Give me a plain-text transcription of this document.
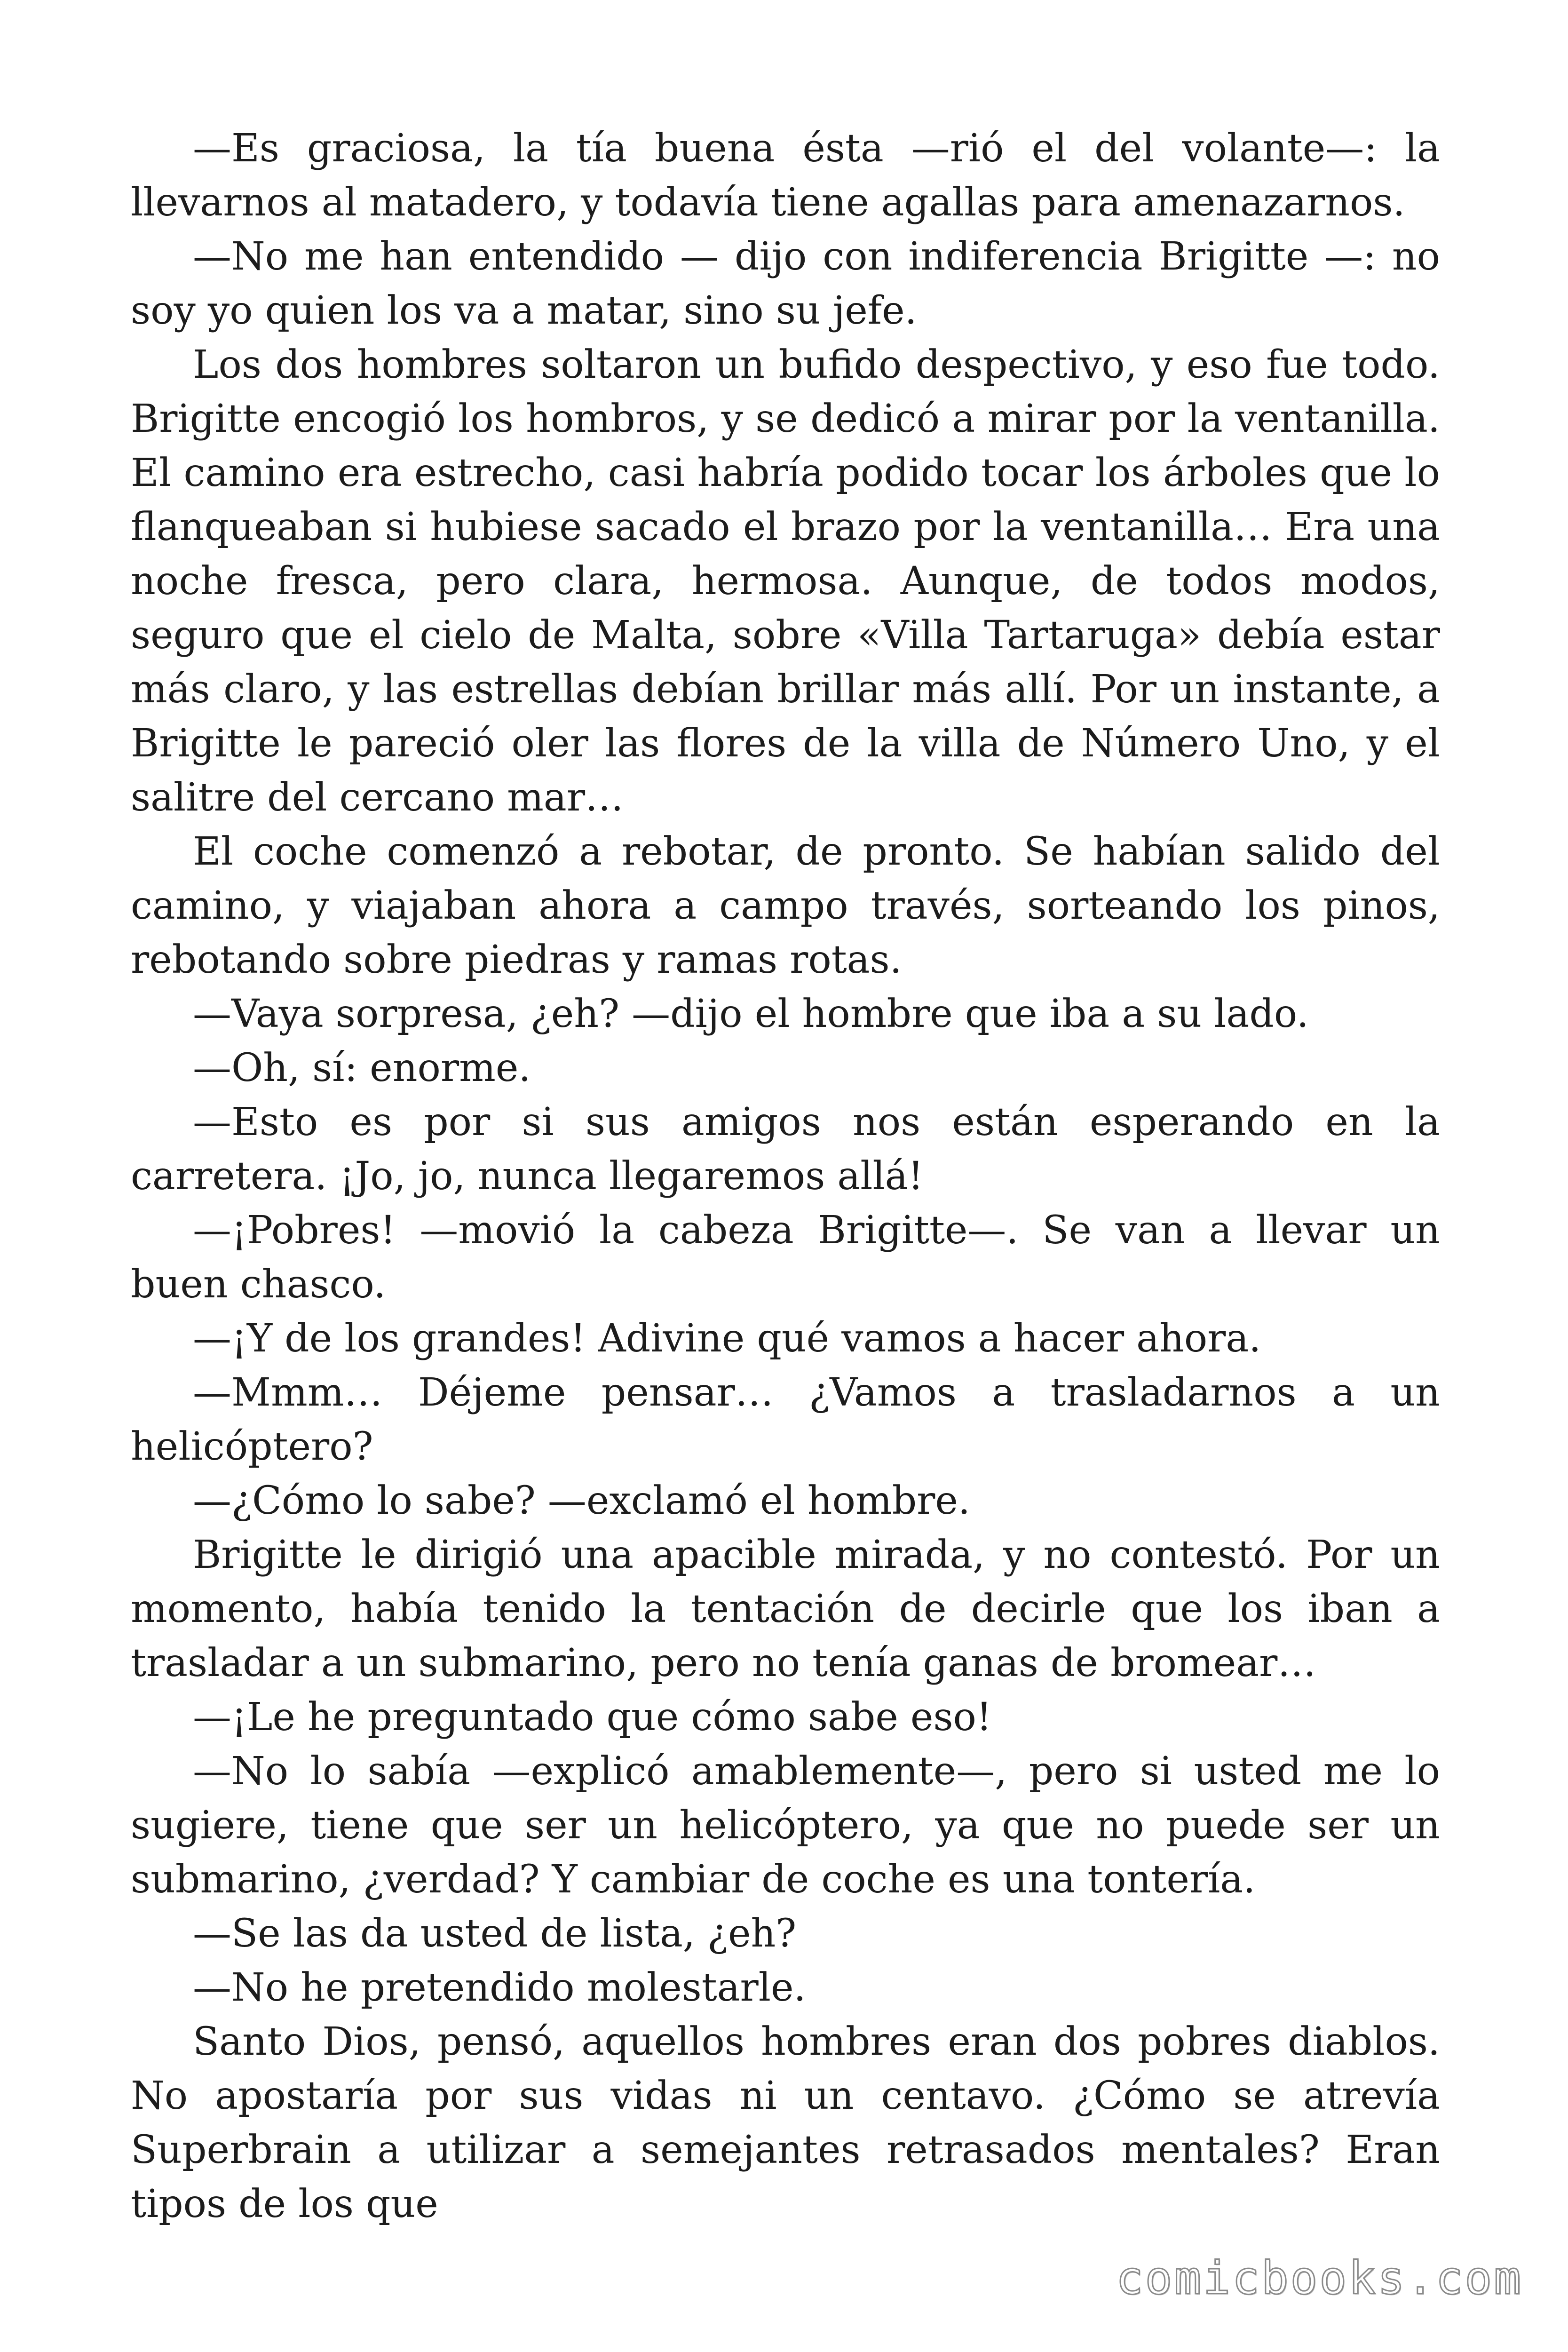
—Es graciosa, la tía buena ésta —rió el del volante—: la llevarnos al matadero, y todavía tiene agallas para amenazarnos.

—No me han entendido — dijo con indiferencia Brigitte —: no soy yo quien los va a matar, sino su jefe.

Los dos hombres soltaron un bufido despectivo, y eso fue todo. Brigitte encogió los hombros, y se dedicó a mirar por la ventanilla. El camino era estrecho, casi habría podido tocar los árboles que lo flanqueaban si hubiese sacado el brazo por la ventanilla… Era una noche fresca, pero clara, hermosa. Aunque, de todos modos, seguro que el cielo de Malta, sobre «Villa Tartaruga» debía estar más claro, y las estrellas debían brillar más allí. Por un instante, a Brigitte le pareció oler las flores de la villa de Número Uno, y el salitre del cercano mar…

El coche comenzó a rebotar, de pronto. Se habían salido del camino, y viajaban ahora a campo través, sorteando los pinos, rebotando sobre piedras y ramas rotas.

—Vaya sorpresa, ¿eh? —dijo el hombre que iba a su lado.

—Oh, sí: enorme.

—Esto es por si sus amigos nos están esperando en la carretera. ¡Jo, jo, nunca llegaremos allá!

—¡Pobres! —movió la cabeza Brigitte—. Se van a llevar un buen chasco.

—¡Y de los grandes! Adivine qué vamos a hacer ahora.

—Mmm… Déjeme pensar… ¿Vamos a trasladarnos a un helicóptero?

—¿Cómo lo sabe? —exclamó el hombre.

Brigitte le dirigió una apacible mirada, y no contestó. Por un momento, había tenido la tentación de decirle que los iban a trasladar a un submarino, pero no tenía ganas de bromear…

—¡Le he preguntado que cómo sabe eso!

—No lo sabía —explicó amablemente—, pero si usted me lo sugiere, tiene que ser un helicóptero, ya que no puede ser un submarino, ¿verdad? Y cambiar de coche es una tontería.

—Se las da usted de lista, ¿eh?

—No he pretendido molestarle.

Santo Dios, pensó, aquellos hombres eran dos pobres diablos. No apostaría por sus vidas ni un centavo. ¿Cómo se atrevía Superbrain a utilizar a semejantes retrasados mentales? Eran tipos de los que

comicbooks.com
